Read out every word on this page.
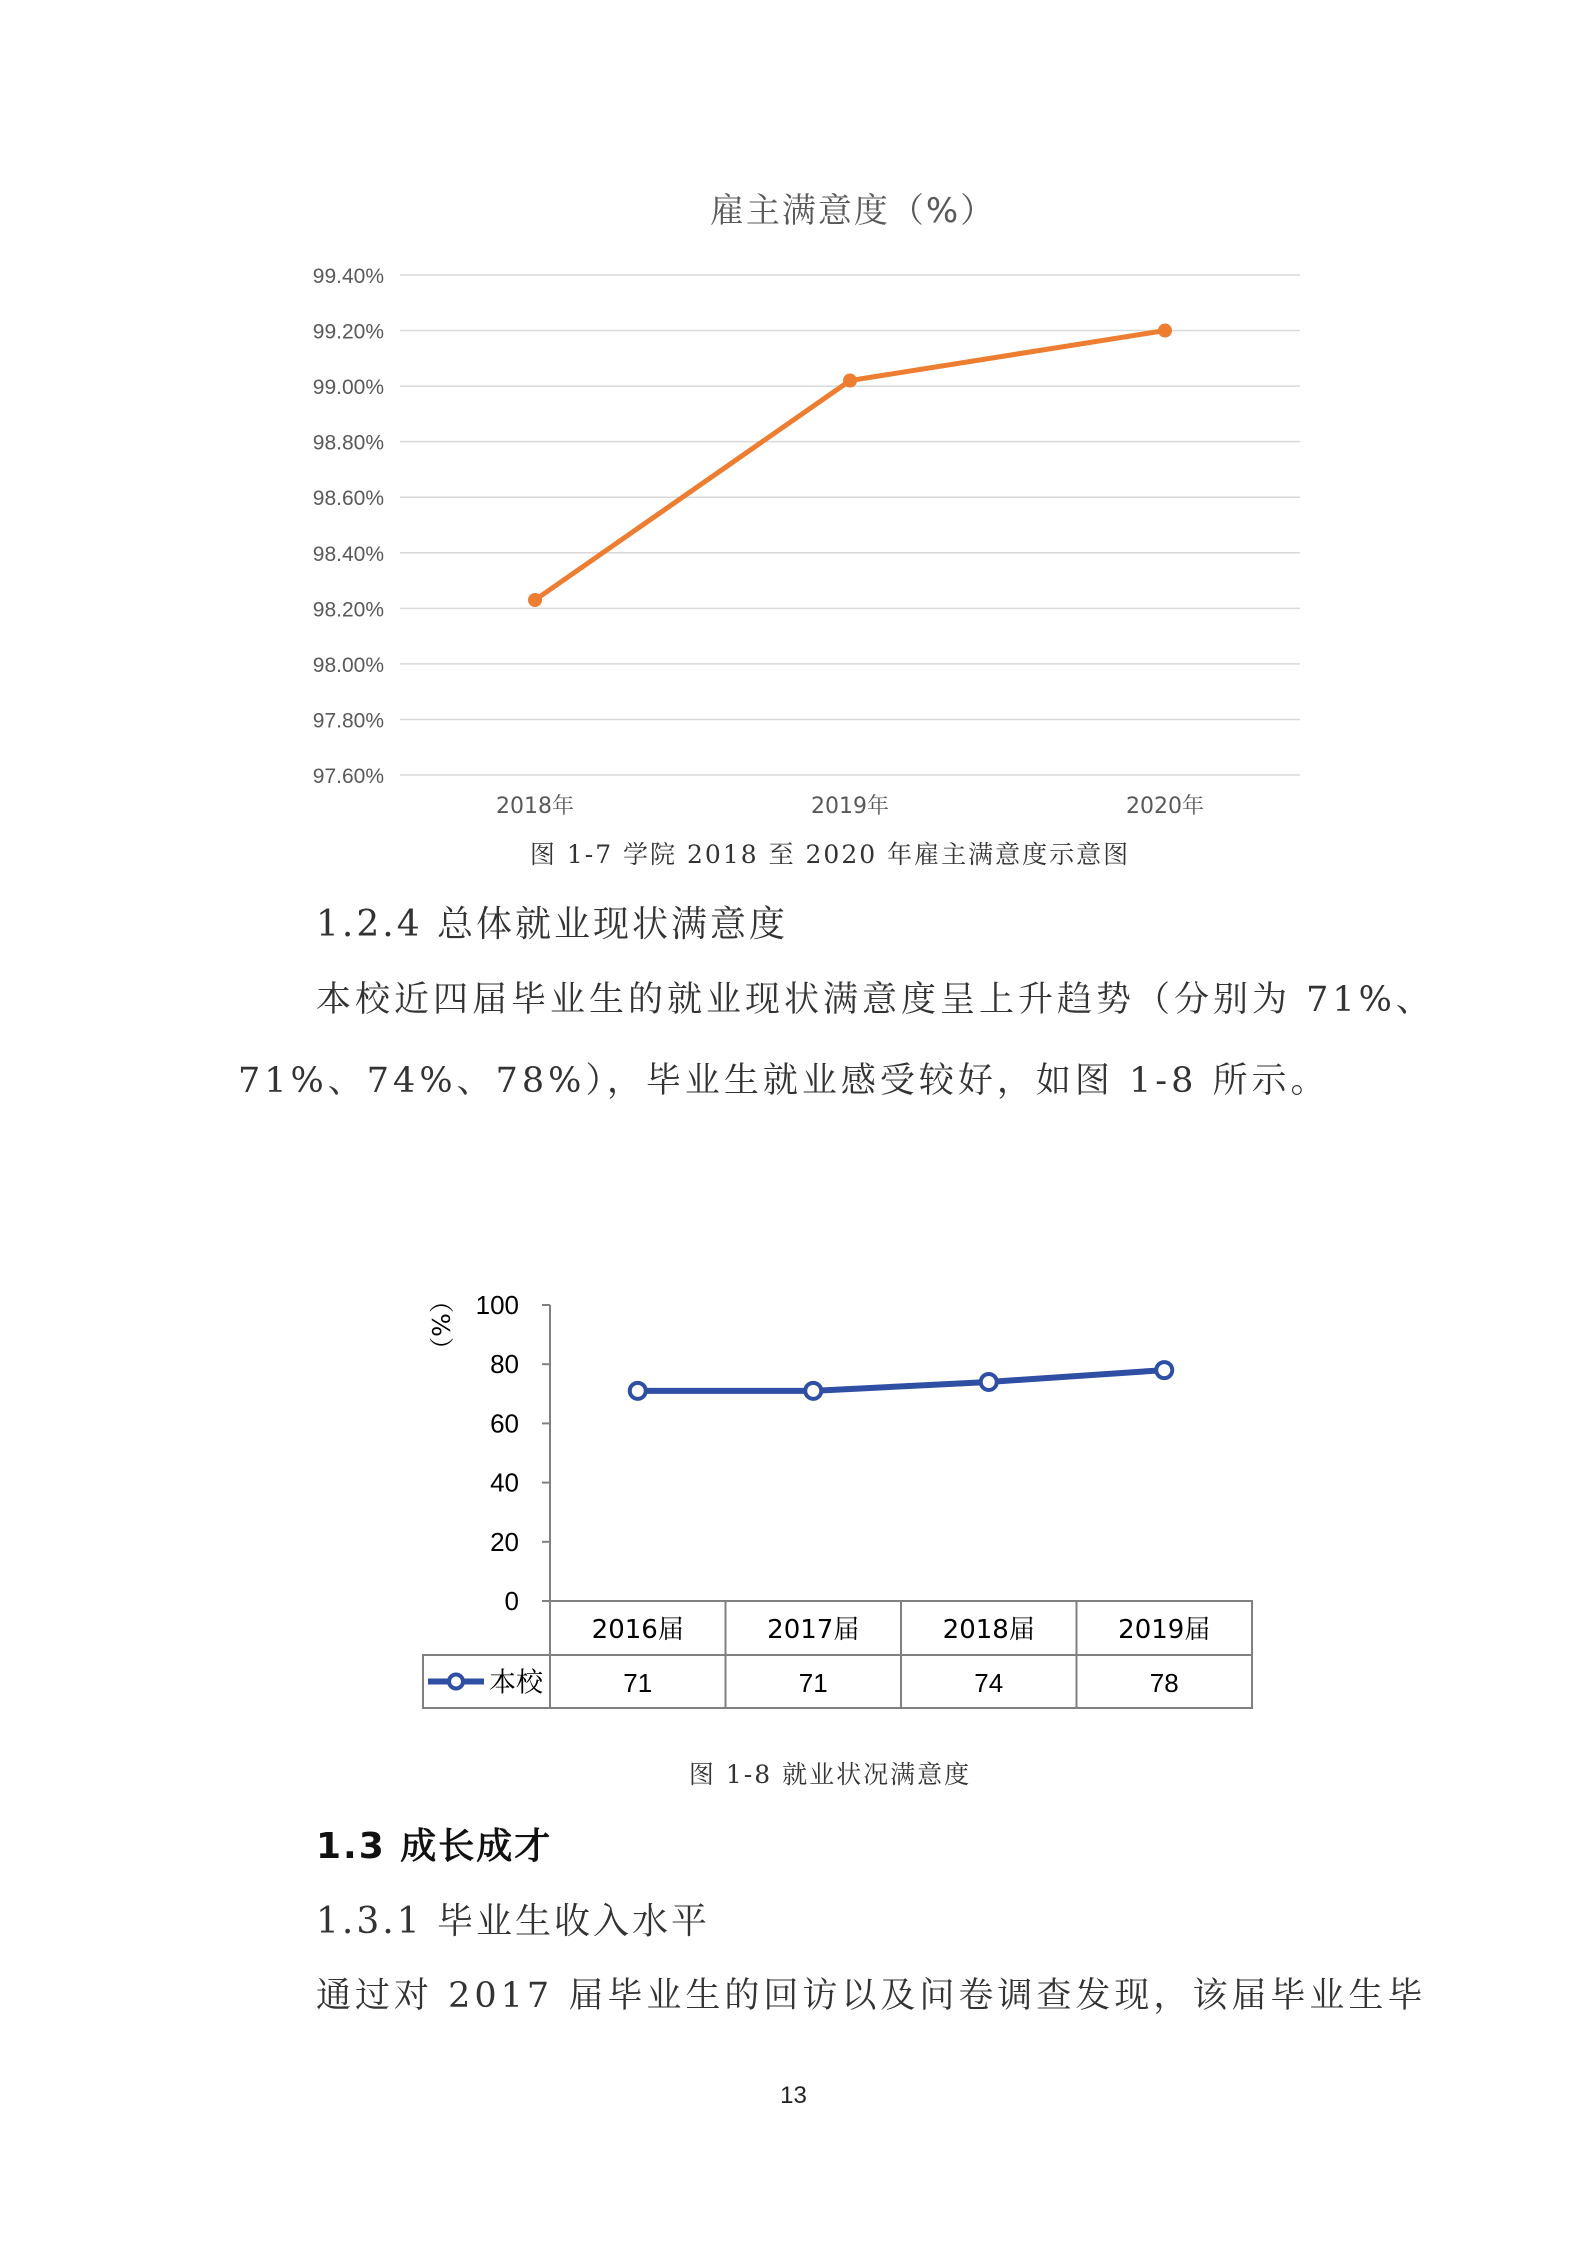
雇主满意度（%）
97.60%
97.80%
98.00%
98.20%
98.40%
98.60%
98.80%
99.00%
99.20%
99.40%
2018年	2019年	2020年
图 1-7 学院 2018 至 2020 年雇主满意度示意图
1.2.4 总体就业现状满意度
本校近四届毕业生的就业现状满意度呈上升趋势（分别为 71%、
71%、74%、78%），毕业生就业感受较好，如图 1-8 所示。
（%）
0
20
40
60
80
100
2016届	2017届	2018届	2019届
71	71	74	78
本校
图 1-8 就业状况满意度
1.3 成长成才
1.3.1 毕业生收入水平
通过对 2017 届毕业生的回访以及问卷调查发现，该届毕业生毕
13
